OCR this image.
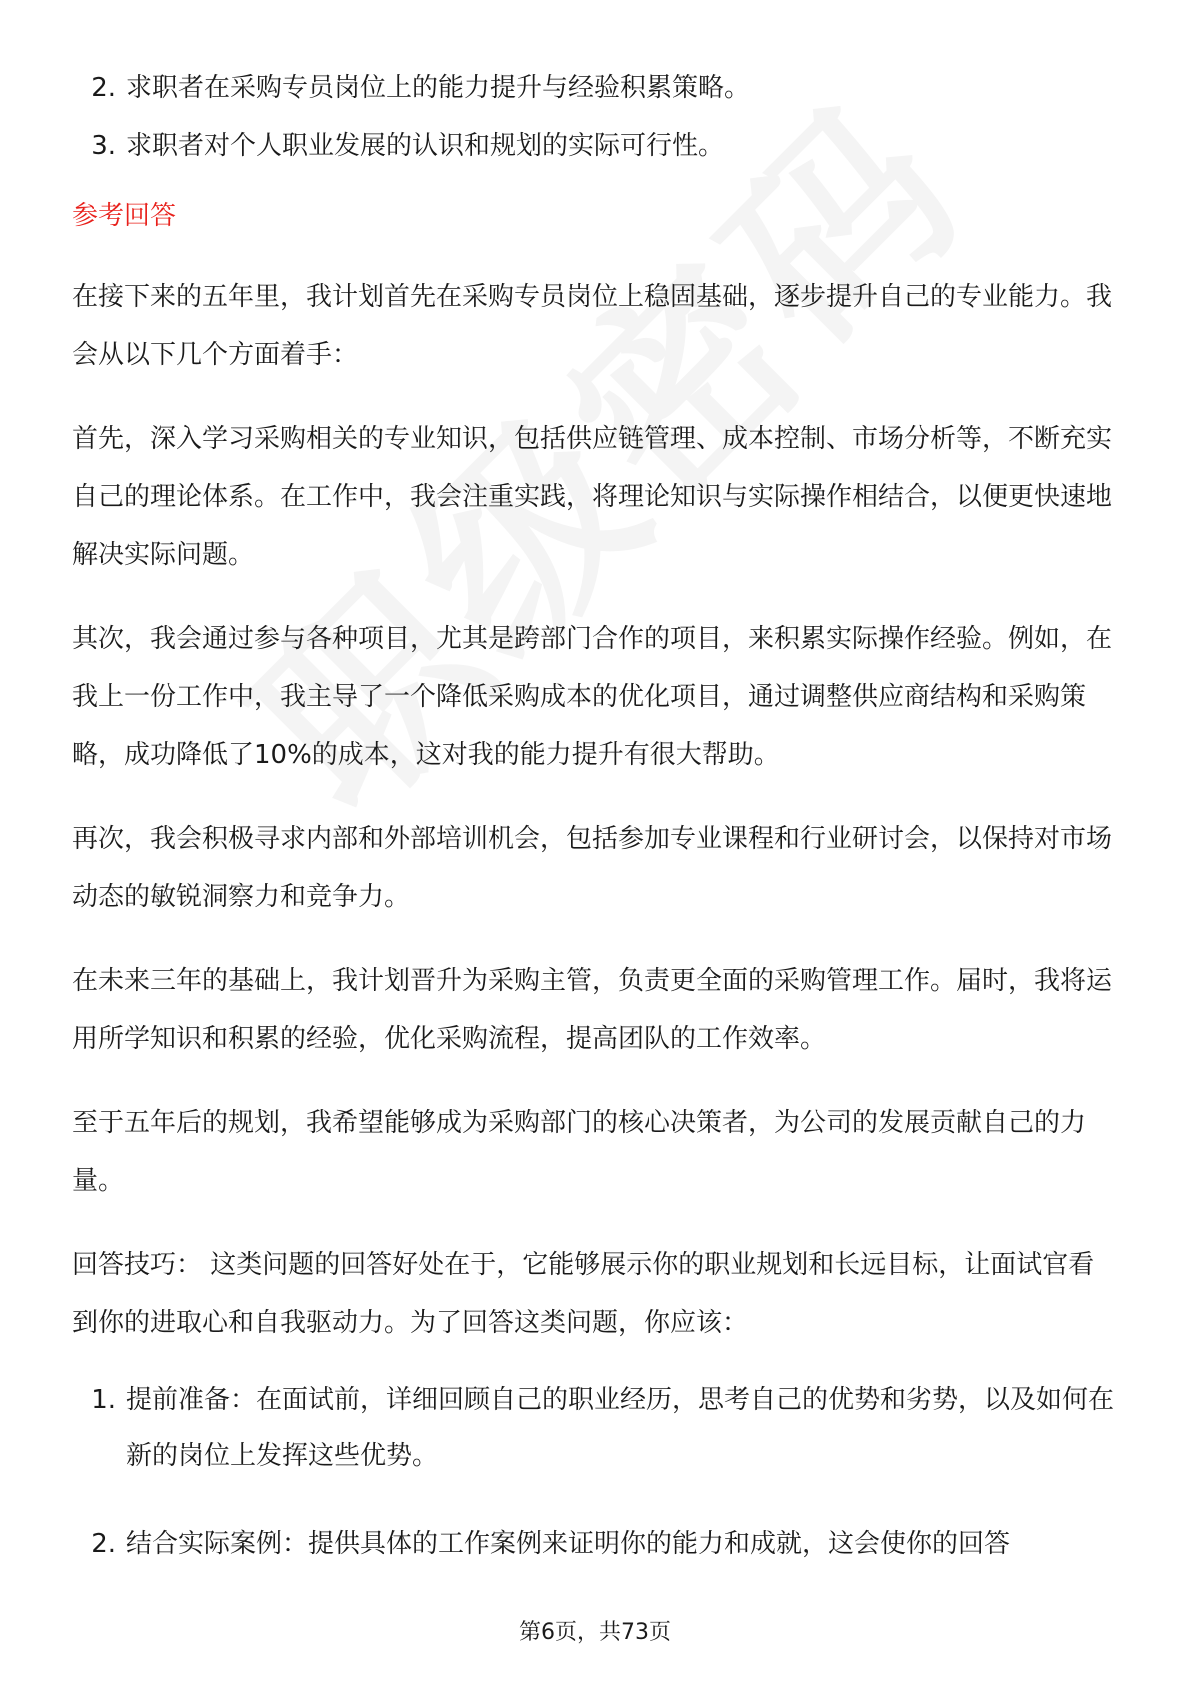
2. 求职者在采购专员岗位上的能力提升与经验积累策略。
3. 求职者对个人职业发展的认识和规划的实际可行性。
参考回答

在接下来的五年里，我计划首先在采购专员岗位上稳固基础，逐步提升自己的专业能力。我会从以下几个方面着手：

首先，深入学习采购相关的专业知识，包括供应链管理、成本控制、市场分析等，不断充实自己的理论体系。在工作中，我会注重实践，将理论知识与实际操作相结合，以便更快速地解决实际问题。

其次，我会通过参与各种项目，尤其是跨部门合作的项目，来积累实际操作经验。例如，在我上一份工作中，我主导了一个降低采购成本的优化项目，通过调整供应商结构和采购策略，成功降低了10%的成本，这对我的能力提升有很大帮助。

再次，我会积极寻求内部和外部培训机会，包括参加专业课程和行业研讨会，以保持对市场动态的敏锐洞察力和竞争力。

在未来三年的基础上，我计划晋升为采购主管，负责更全面的采购管理工作。届时，我将运用所学知识和积累的经验，优化采购流程，提高团队的工作效率。

至于五年后的规划，我希望能够成为采购部门的核心决策者，为公司的发展贡献自己的力量。

回答技巧： 这类问题的回答好处在于，它能够展示你的职业规划和长远目标，让面试官看到你的进取心和自我驱动力。为了回答这类问题，你应该：

1. 提前准备：在面试前，详细回顾自己的职业经历，思考自己的优势和劣势，以及如何在新的岗位上发挥这些优势。
2. 结合实际案例：提供具体的工作案例来证明你的能力和成就，这会使你的回答
第6页，共73页
